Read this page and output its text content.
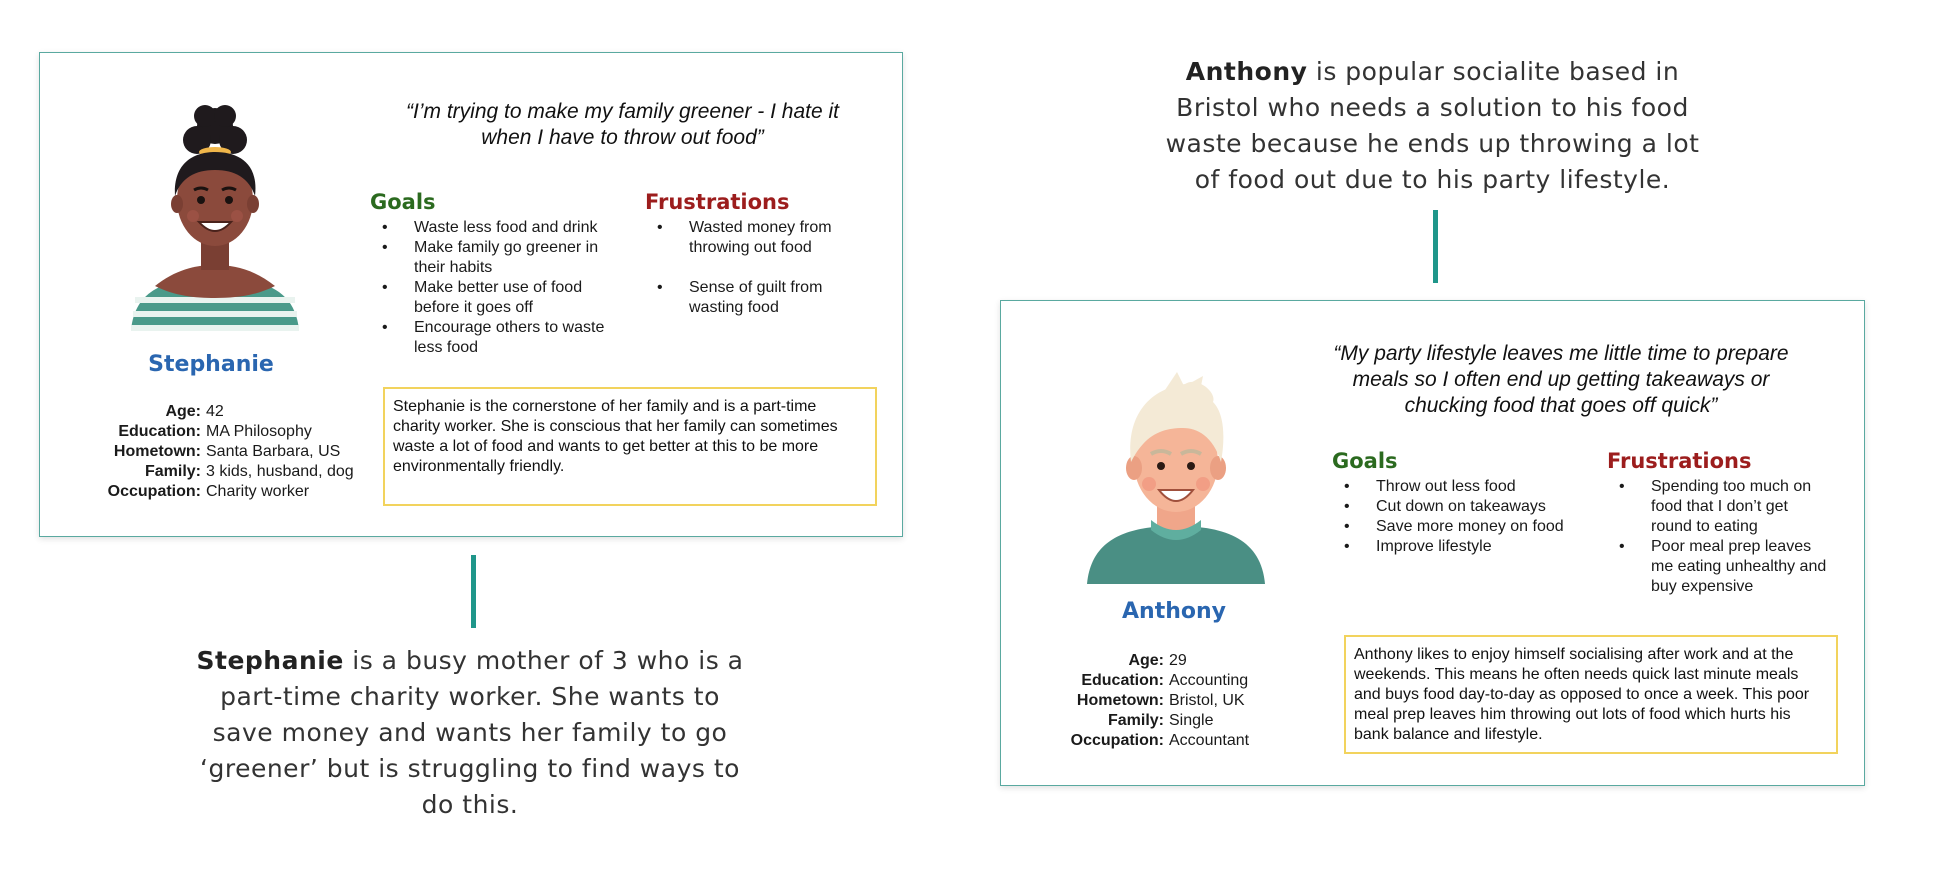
Stephanie
Age: 42
Education: MA Philosophy
Hometown: Santa Barbara, US
Family: 3 kids, husband, dog
Occupation: Charity worker
“I’m trying to make my family greener - I hate it when I have to throw out food”
Goals
• Waste less food and drink
• Make family go greener in their habits
• Make better use of food before it goes off
• Encourage others to waste less food
Frustrations
• Wasted money from throwing out food
• Sense of guilt from wasting food
Stephanie is the cornerstone of her family and is a part-time charity worker. She is conscious that her family can sometimes waste a lot of food and wants to get better at this to be more environmentally friendly.
Stephanie is a busy mother of 3 who is a part-time charity worker. She wants to save money and wants her family to go ‘greener’ but is struggling to find ways to do this.
Anthony is popular socialite based in Bristol who needs a solution to his food waste because he ends up throwing a lot of food out due to his party lifestyle.
Anthony
Age: 29
Education: Accounting
Hometown: Bristol, UK
Family: Single
Occupation: Accountant
“My party lifestyle leaves me little time to prepare meals so I often end up getting takeaways or chucking food that goes off quick”
Goals
• Throw out less food
• Cut down on takeaways
• Save more money on food
• Improve lifestyle
Frustrations
• Spending too much on food that I don’t get round to eating
• Poor meal prep leaves me eating unhealthy and buy expensive
Anthony likes to enjoy himself socialising after work and at the weekends. This means he often needs quick last minute meals and buys food day-to-day as opposed to once a week. This poor meal prep leaves him throwing out lots of food which hurts his bank balance and lifestyle.
